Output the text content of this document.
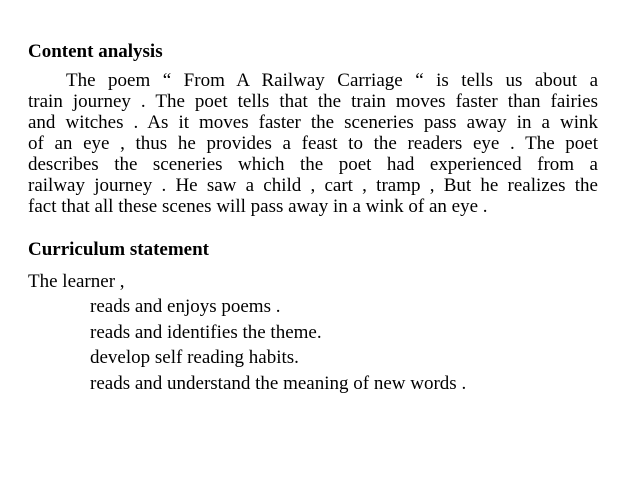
Content analysis

The poem “ From A Railway Carriage “ is tells us about a
train journey . The poet tells that the train moves faster than fairies
and witches . As it moves faster the sceneries pass away in a wink
of an eye , thus he provides a feast to the readers eye . The poet
describes the sceneries which the poet had experienced from a
railway journey . He saw a child , cart , tramp , But he realizes the
fact that all these scenes will pass away in a wink of an eye .

Curriculum statement

The learner ,

reads and enjoys poems .
reads and identifies the theme.
develop self reading habits.
reads and understand the meaning of new words .
